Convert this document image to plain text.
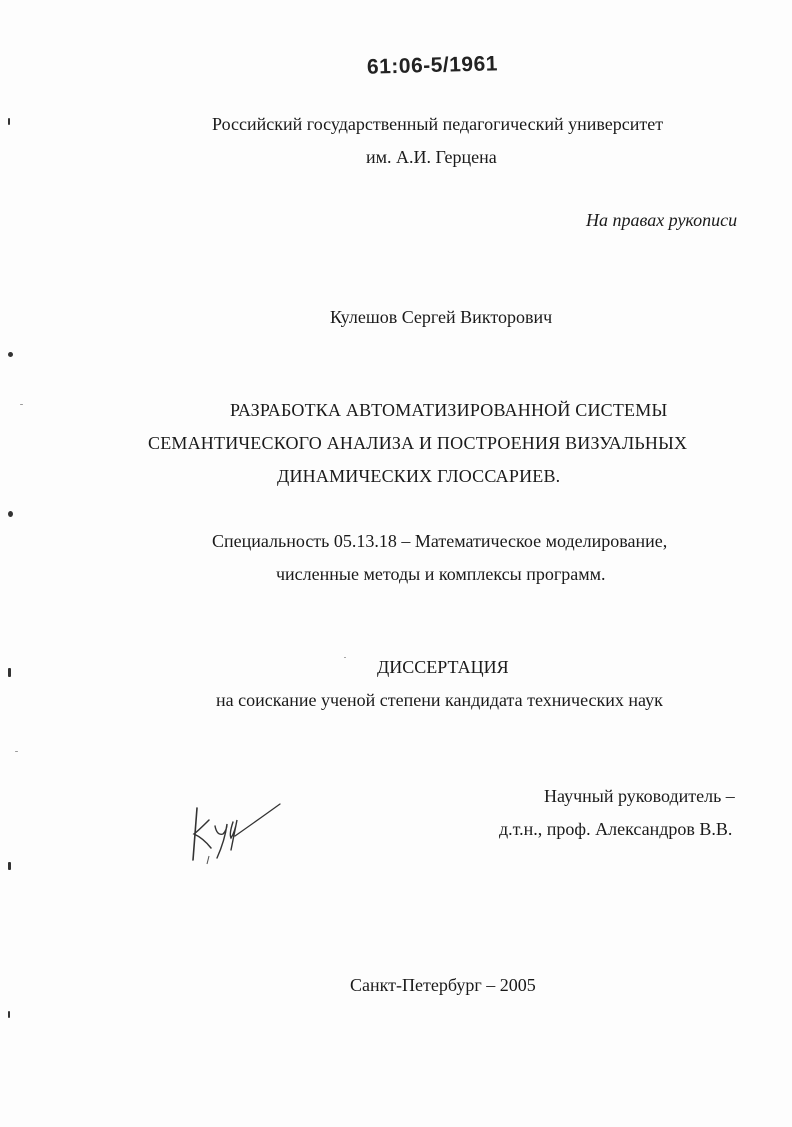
61:06-5/1961
Российский государственный педагогический университет
им. А.И. Герцена
На правах рукописи
Кулешов Сергей Викторович
РАЗРАБОТКА АВТОМАТИЗИРОВАННОЙ СИСТЕМЫ
СЕМАНТИЧЕСКОГО АНАЛИЗА И ПОСТРОЕНИЯ ВИЗУАЛЬНЫХ
ДИНАМИЧЕСКИХ ГЛОССАРИЕВ.
Специальность 05.13.18 – Математическое моделирование,
численные методы и комплексы программ.
ДИССЕРТАЦИЯ
на соискание ученой степени кандидата технических наук
Научный руководитель –
д.т.н., проф. Александров В.В.
Санкт-Петербург – 2005
